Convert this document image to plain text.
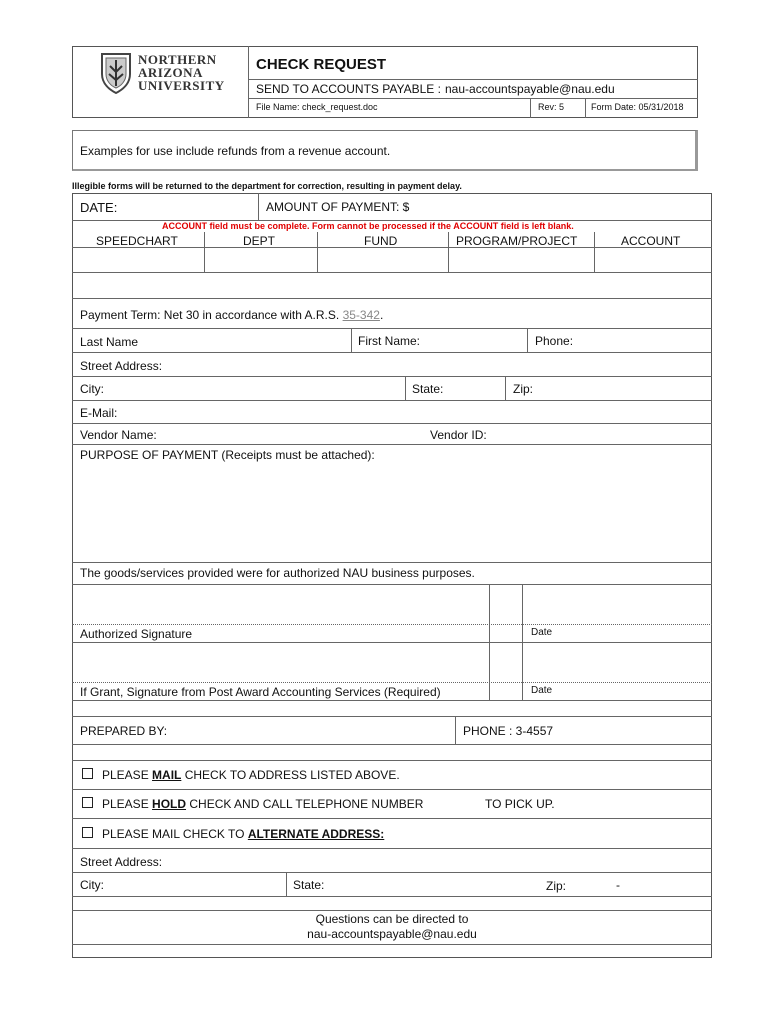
NORTHERN
ARIZONA
UNIVERSITY
CHECK REQUEST
SEND TO ACCOUNTS PAYABLE : nau-accountspayable@nau.edu
File Name: check_request.doc	Rev: 5	Form Date: 05/31/2018
Examples for use include refunds from a revenue account.
Illegible forms will be returned to the department for correction, resulting in payment delay.
DATE:	AMOUNT OF PAYMENT: $
ACCOUNT field must be complete. Form cannot be processed if the ACCOUNT field is left blank.
SPEEDCHART	DEPT	FUND	PROGRAM/PROJECT	ACCOUNT
Payment Term: Net 30 in accordance with A.R.S. 35-342.
Last Name	First Name:	Phone:
Street Address:
City:	State:	Zip:
E-Mail:
Vendor Name:	Vendor ID:
PURPOSE OF PAYMENT (Receipts must be attached):
The goods/services provided were for authorized NAU business purposes.
Authorized Signature	Date
If Grant, Signature from Post Award Accounting Services (Required)	Date
PREPARED BY:	PHONE : 3-4557
PLEASE MAIL CHECK TO ADDRESS LISTED ABOVE.
PLEASE HOLD CHECK AND CALL TELEPHONE NUMBER	TO PICK UP.
PLEASE MAIL CHECK TO ALTERNATE ADDRESS:
Street Address:
City:	State:	Zip:	-
Questions can be directed to
nau-accountspayable@nau.edu
